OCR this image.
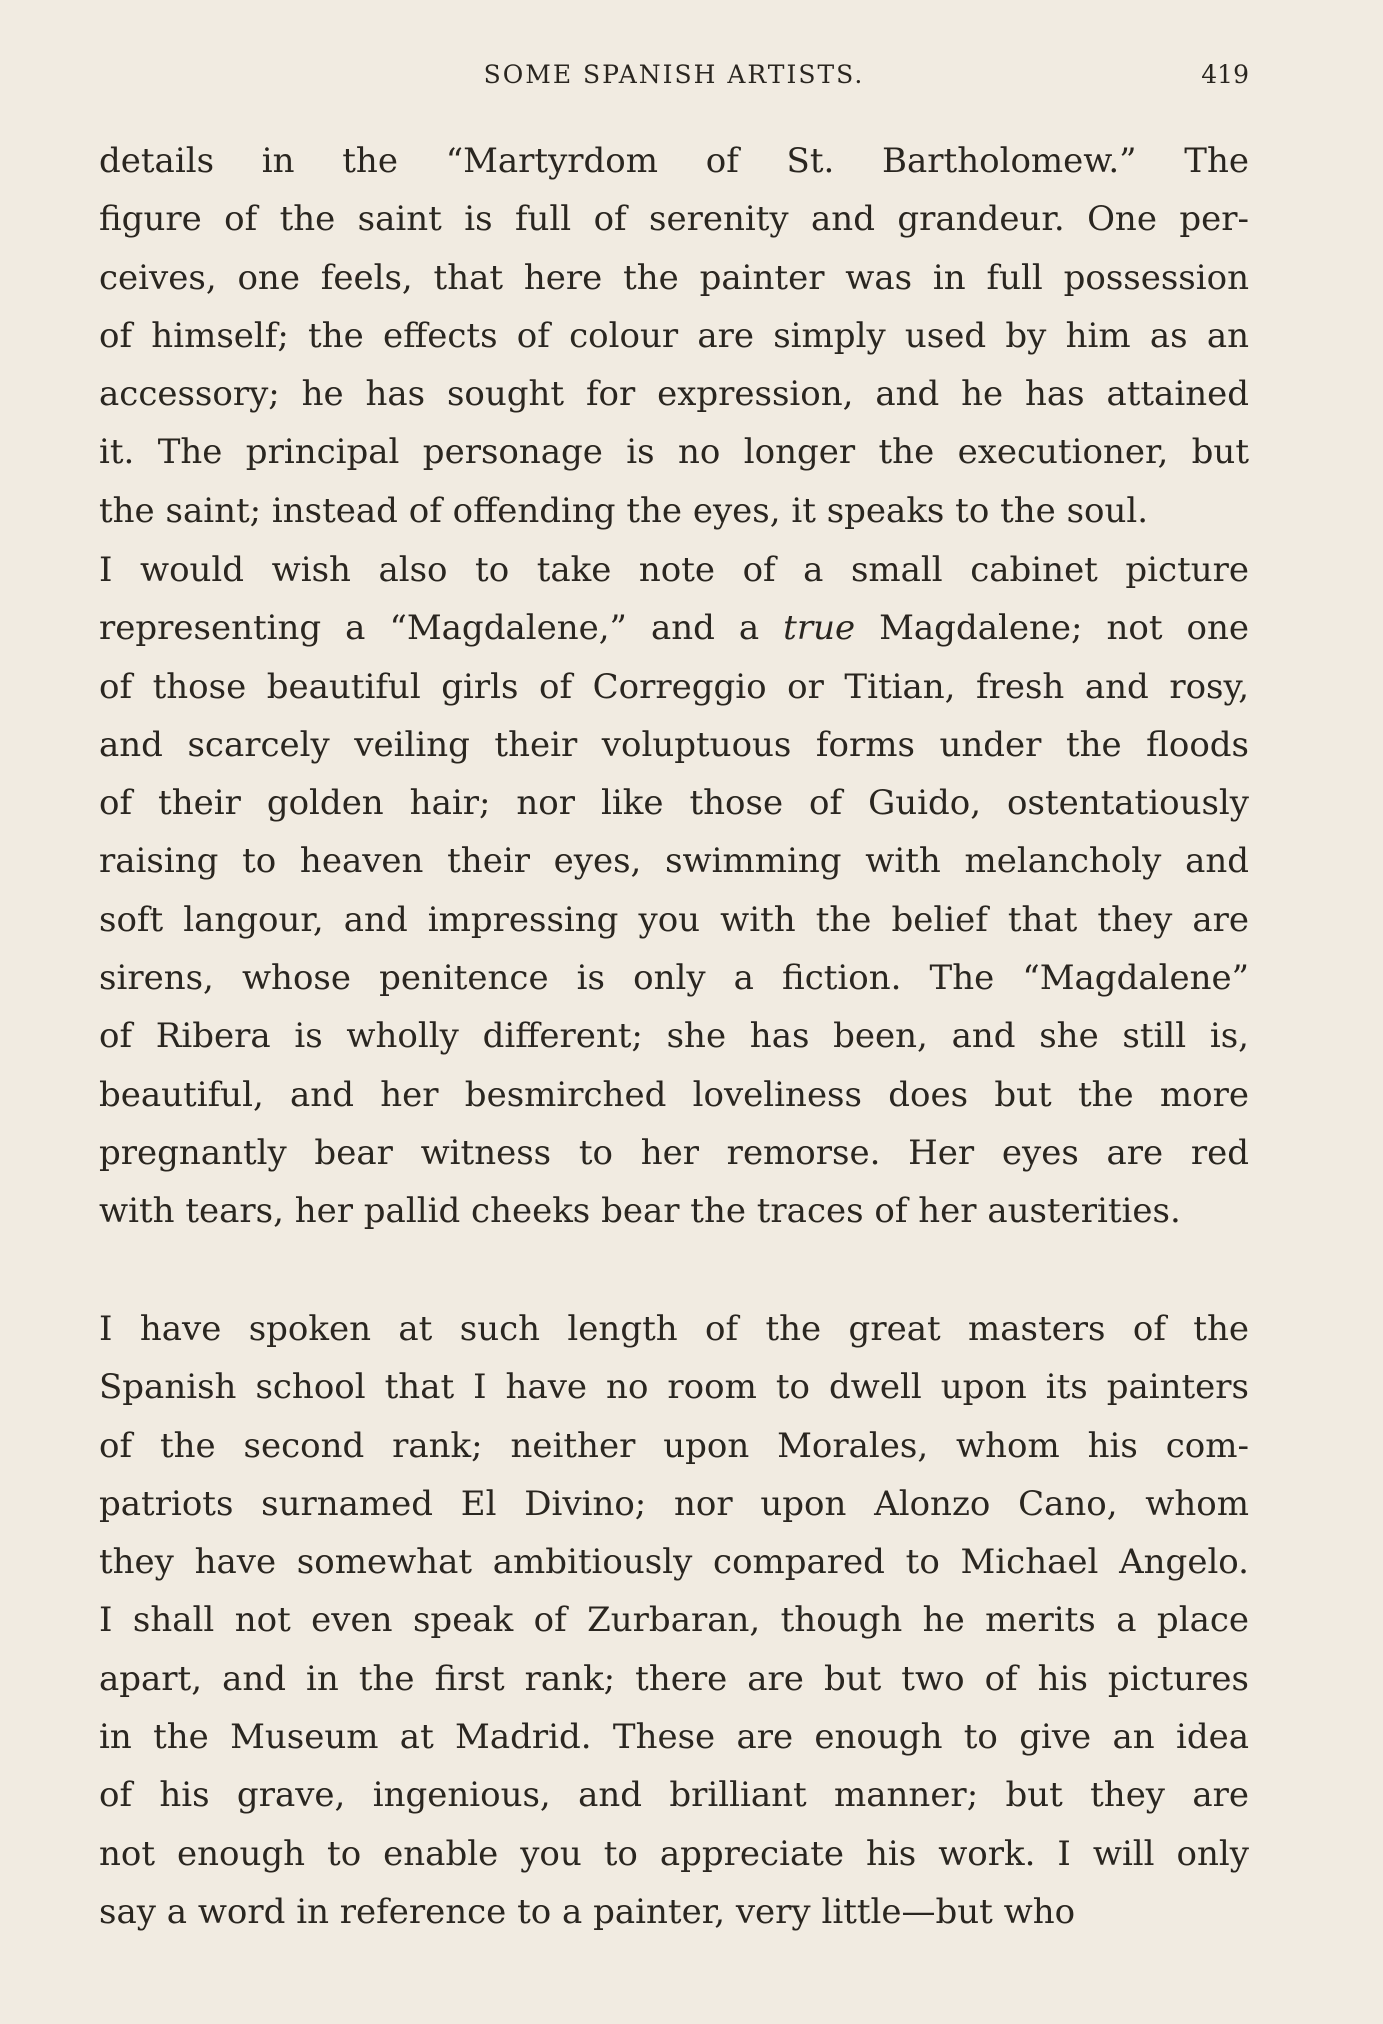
SOME SPANISH ARTISTS.	419
details in the “Martyrdom of St. Bartholomew.” The
figure of the saint is full of serenity and grandeur. One per-
ceives, one feels, that here the painter was in full possession
of himself; the effects of colour are simply used by him as an
accessory; he has sought for expression, and he has attained
it. The principal personage is no longer the executioner, but
the saint; instead of offending the eyes, it speaks to the soul.
I would wish also to take note of a small cabinet picture
representing a “Magdalene,” and a true Magdalene; not one
of those beautiful girls of Correggio or Titian, fresh and rosy,
and scarcely veiling their voluptuous forms under the floods
of their golden hair; nor like those of Guido, ostentatiously
raising to heaven their eyes, swimming with melancholy and
soft langour, and impressing you with the belief that they are
sirens, whose penitence is only a fiction. The “Magdalene”
of Ribera is wholly different; she has been, and she still is,
beautiful, and her besmirched loveliness does but the more
pregnantly bear witness to her remorse. Her eyes are red
with tears, her pallid cheeks bear the traces of her austerities.
I have spoken at such length of the great masters of the
Spanish school that I have no room to dwell upon its painters
of the second rank; neither upon Morales, whom his com-
patriots surnamed El Divino; nor upon Alonzo Cano, whom
they have somewhat ambitiously compared to Michael Angelo.
I shall not even speak of Zurbaran, though he merits a place
apart, and in the first rank; there are but two of his pictures
in the Museum at Madrid. These are enough to give an idea
of his grave, ingenious, and brilliant manner; but they are
not enough to enable you to appreciate his work. I will only
say a word in reference to a painter, very little—but who
